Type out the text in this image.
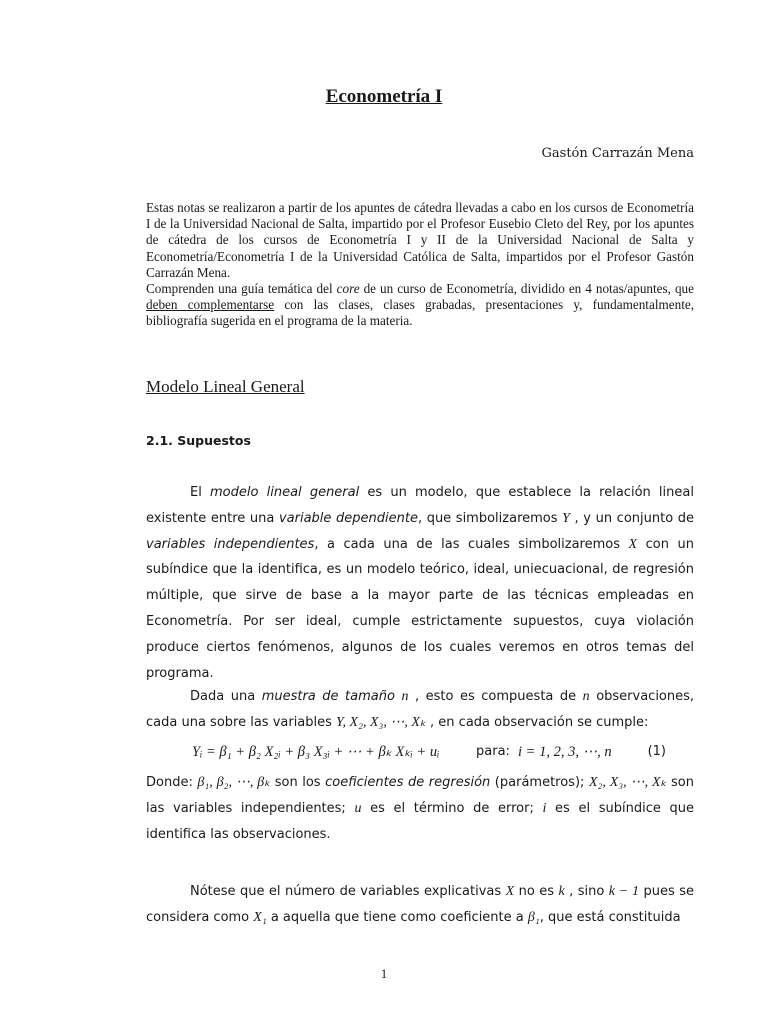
Econometría I
Gastón Carrazán Mena

Estas notas se realizaron a partir de los apuntes de cátedra llevadas a cabo en los cursos de Econometría I de la Universidad Nacional de Salta, impartido por el Profesor Eusebio Cleto del Rey, por los apuntes de cátedra de los cursos de Econometría I y II de la Universidad Nacional de Salta y Econometría/Econometría I de la Universidad Católica de Salta, impartidos por el Profesor Gastón Carrazán Mena.

Comprenden una guía temática del core de un curso de Econometría, dividido en 4 notas/apuntes, que deben complementarse con las clases, clases grabadas, presentaciones y, fundamentalmente, bibliografía sugerida en el programa de la materia.

Modelo Lineal General
2.1. Supuestos

El modelo lineal general es un modelo, que establece la relación lineal existente entre una variable dependiente, que simbolizaremos Y , y un conjunto de variables independientes, a cada una de las cuales simbolizaremos X con un subíndice que la identifica, es un modelo teórico, ideal, uniecuacional, de regresión múltiple, que sirve de base a la mayor parte de las técnicas empleadas en Econometría. Por ser ideal, cumple estrictamente supuestos, cuya violación produce ciertos fenómenos, algunos de los cuales veremos en otros temas del programa.

Dada una muestra de tamaño n , esto es compuesta de n observaciones, cada una sobre las variables Y, X₂, X₃, ⋯, Xₖ , en cada observación se cumple:

Yᵢ = β₁ + β₂ X₂ᵢ + β₃ X₃ᵢ + ⋯ + βₖ Xₖᵢ + uᵢ	para: i = 1, 2, 3, ⋯, n	(1)

Donde: β₁, β₂, ⋯, βₖ son los coeficientes de regresión (parámetros); X₂, X₃, ⋯, Xₖ son las variables independientes; u es el término de error; i es el subíndice que identifica las observaciones.

Nótese que el número de variables explicativas X no es k , sino k − 1 pues se considera como X₁ a aquella que tiene como coeficiente a β₁, que está constituida

1
